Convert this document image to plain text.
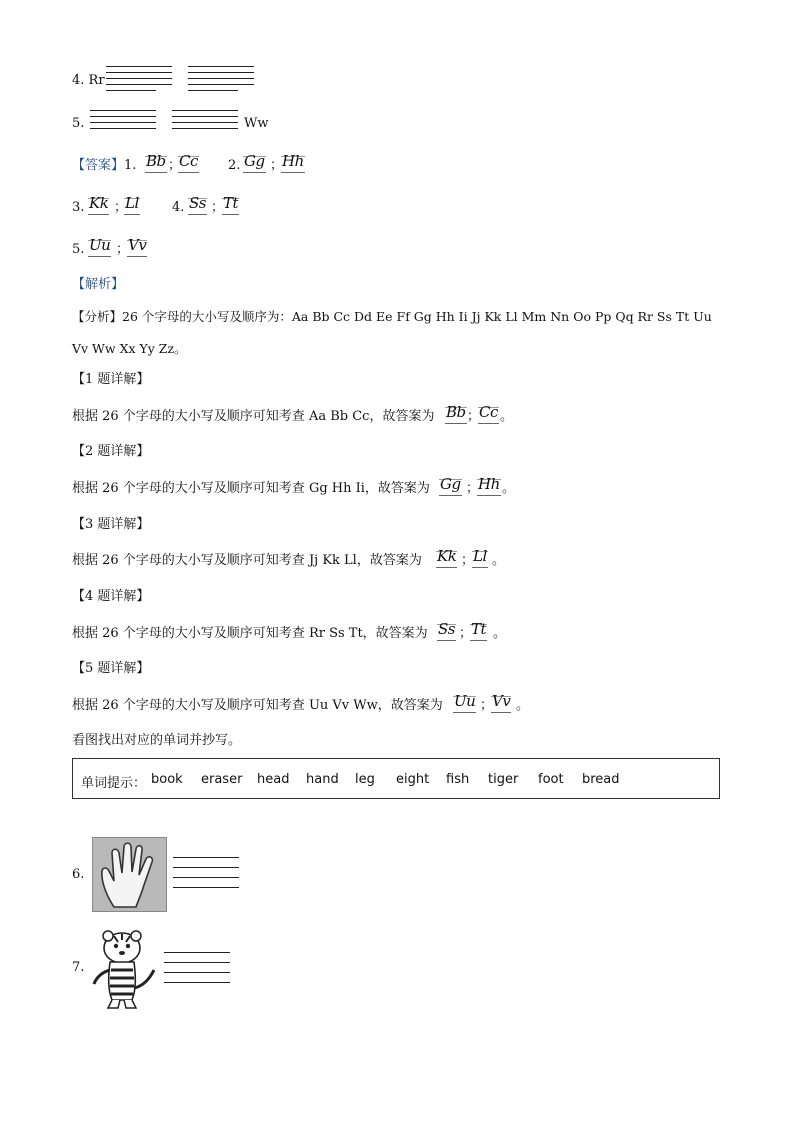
4. Rr
5.	Ww
【答案】1. Bb ；
Cc 2. Gg ；
Hh
3. Kk ；
Ll	4. Ss ；
Tt
5. Uu ；
Vv
【解析】
【分析】26 个字母的大小写及顺序为：Aa Bb Cc Dd Ee Ff Gg Hh Ii Jj Kk Ll Mm Nn Oo Pp Qq Rr Ss Tt Uu
Vv Ww Xx Yy Zz。
【1 题详解】
根据 26 个字母的大小写及顺序可知考查 Aa Bb Cc，故答案为 Bb ；
Cc 。
【2 题详解】
根据 26 个字母的大小写及顺序可知考查 Gg Hh Ii，故答案为 Gg ；
Hh 。
【3 题详解】
根据 26 个字母的大小写及顺序可知考查 Jj Kk Ll，故答案为 Kk ；
Ll 。
【4 题详解】
根据 26 个字母的大小写及顺序可知考查 Rr Ss Tt，故答案为 Ss ；
Tt 。
【5 题详解】
根据 26 个字母的大小写及顺序可知考查 Uu Vv Ww，故答案为 Uu ；
Vv 。
看图找出对应的单词并抄写。
单词提示： book eraser head hand leg eight fish tiger foot bread
6.
7.
